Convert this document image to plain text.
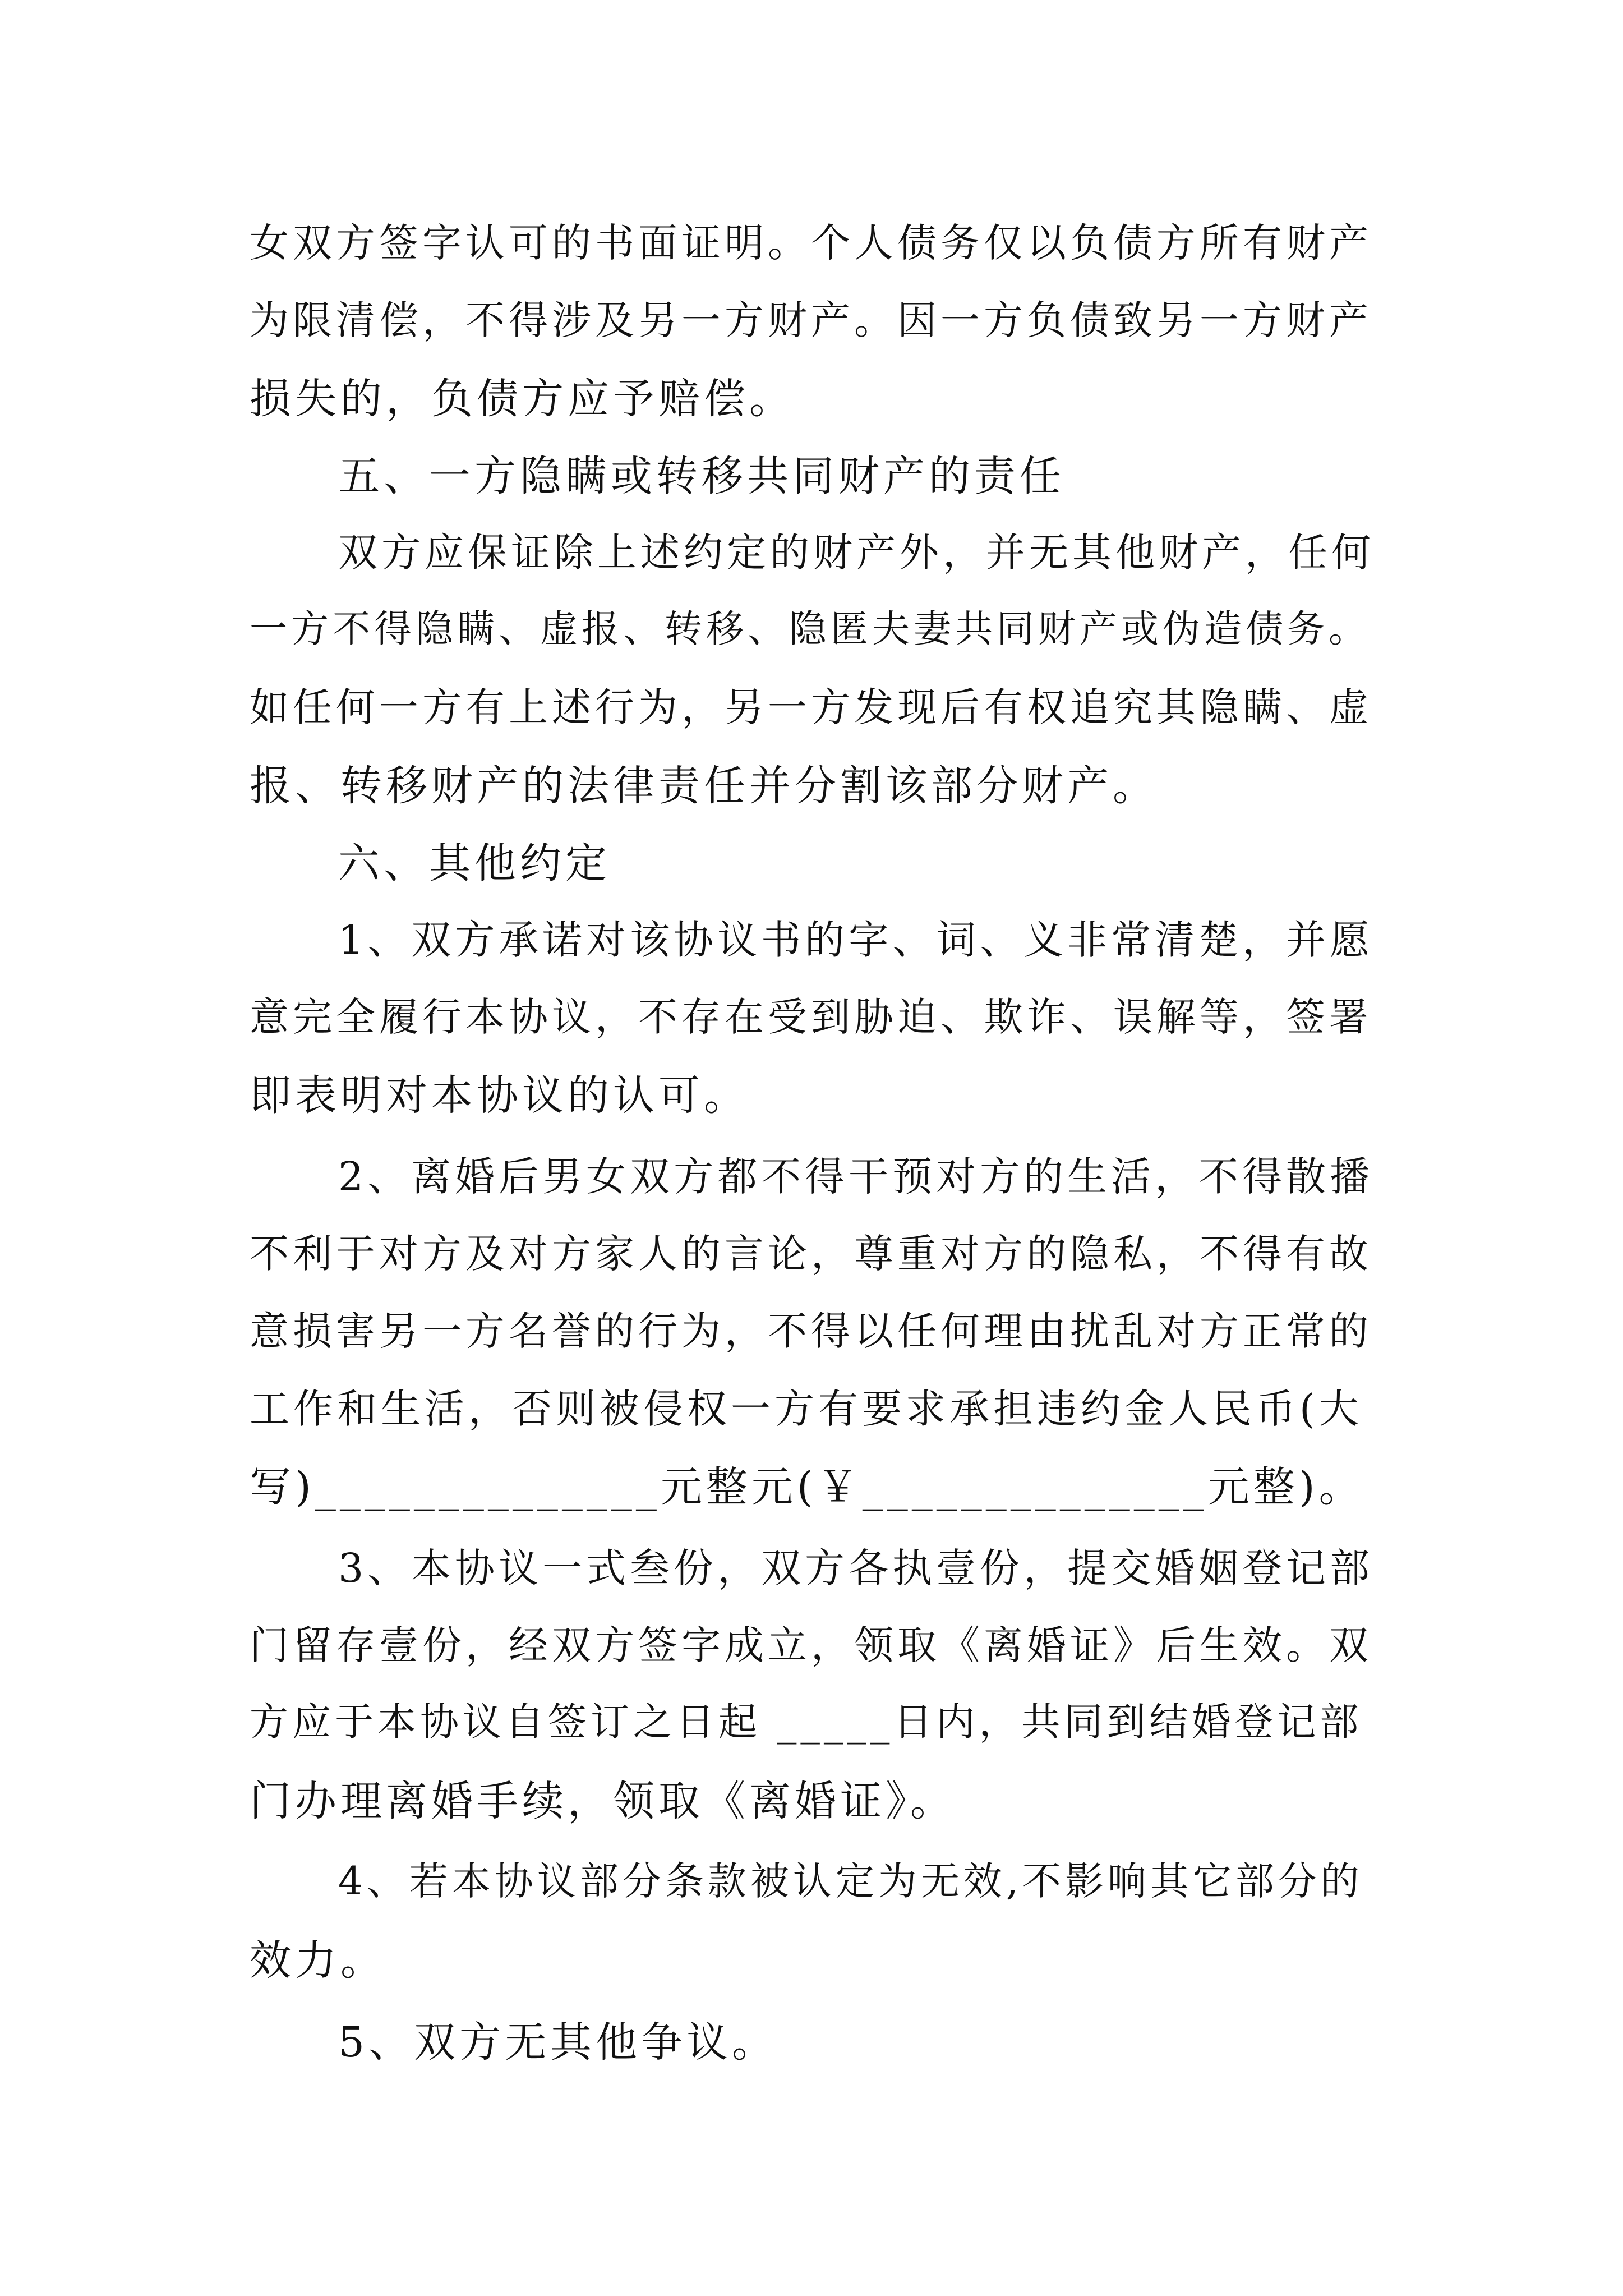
女双方签字认可的书面证明。个人债务仅以负债方所有财产

为限清偿，不得涉及另一方财产。因一方负债致另一方财产

损失的，负债方应予赔偿。

五、一方隐瞒或转移共同财产的责任

双方应保证除上述约定的财产外，并无其他财产，任何

一方不得隐瞒、虚报、转移、隐匿夫妻共同财产或伪造债务。

如任何一方有上述行为，另一方发现后有权追究其隐瞒、虚

报、转移财产的法律责任并分割该部分财产。

六、其他约定

1、双方承诺对该协议书的字、词、义非常清楚，并愿

意完全履行本协议，不存在受到胁迫、欺诈、误解等，签署

即表明对本协议的认可。

2、离婚后男女双方都不得干预对方的生活，不得散播

不利于对方及对方家人的言论，尊重对方的隐私，不得有故

意损害另一方名誉的行为，不得以任何理由扰乱对方正常的

工作和生活，否则被侵权一方有要求承担违约金人民币(大

写)______________元整元(￥______________元整)。

3、本协议一式叁份，双方各执壹份，提交婚姻登记部

门留存壹份，经双方签字成立，领取《离婚证》后生效。双

方应于本协议自签订之日起 _____日内，共同到结婚登记部

门办理离婚手续，领取《离婚证》。

4、若本协议部分条款被认定为无效,不影响其它部分的

效力。

5、双方无其他争议。
